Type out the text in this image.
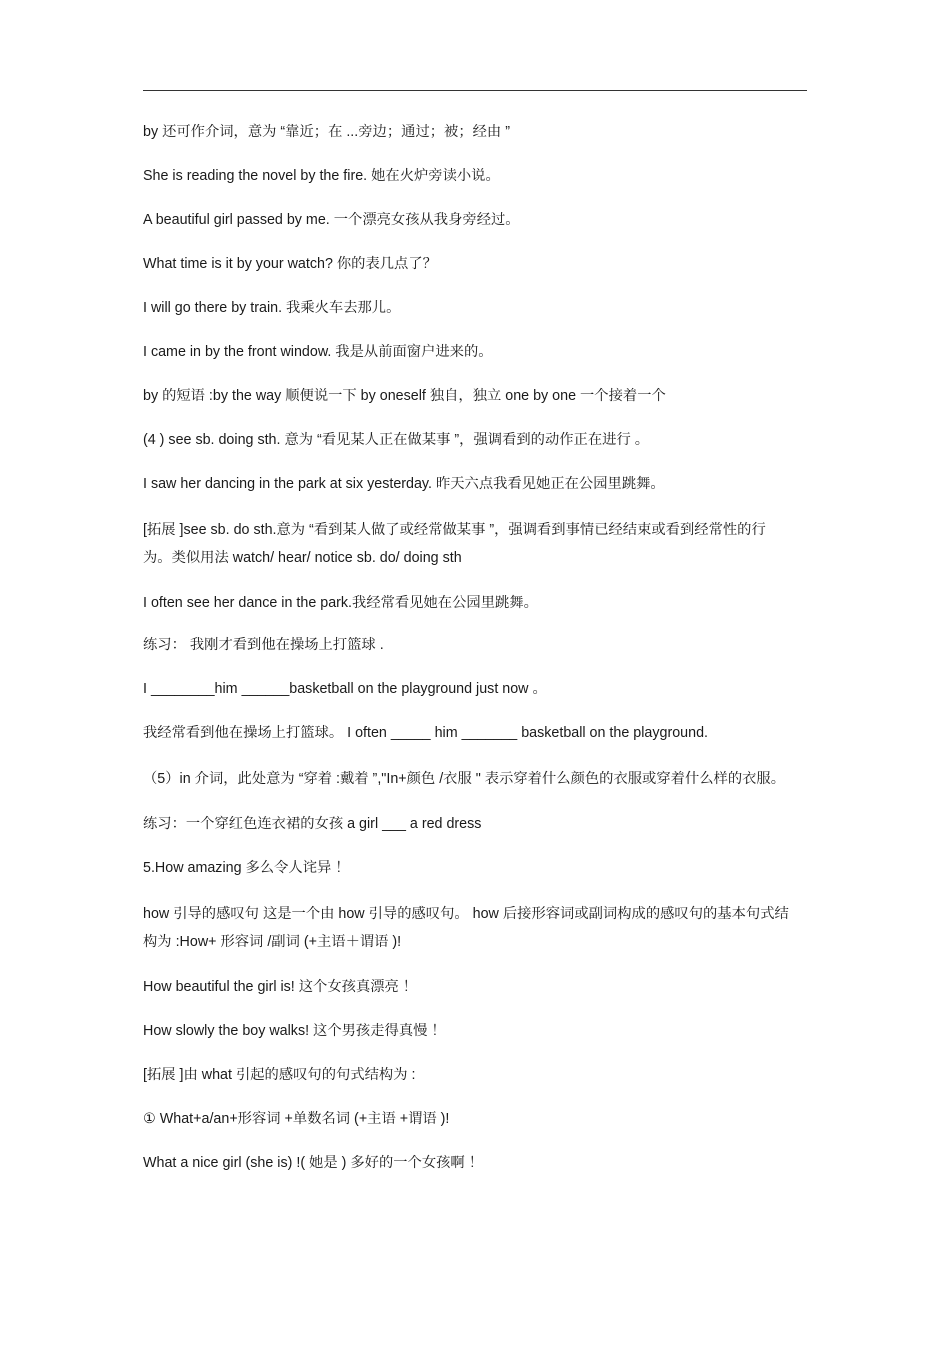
by 还可作介词，意为 “靠近；在 ...旁边；通过；被；经由 ”

She is reading the novel by the fire. 她在火炉旁读小说。

A beautiful girl passed by me. 一个漂亮女孩从我身旁经过。

What time is it by your watch? 你的表几点了？

I will go there by train. 我乘火车去那儿。

I came in by the front window. 我是从前面窗户进来的。

by 的短语 :by the way 顺便说一下 by oneself 独自，独立 one by one 一个接着一个

(4 ) see sb. doing sth. 意为 “看见某人正在做某事 ”，强调看到的动作正在进行 。

I saw her dancing in the park at six yesterday. 昨天六点我看见她正在公园里跳舞。

[拓展 ]see sb. do sth.意为 “看到某人做了或经常做某事 ”，强调看到事情已经结束或看到经常性的行为。类似用法 watch/ hear/ notice sb. do/ doing sth

I often see her dance in the park.我经常看见她在公园里跳舞。

练习： 我刚才看到他在操场上打篮球 .

I ________him ______basketball on the playground just now 。

我经常看到他在操场上打篮球。 I often _____ him _______ basketball on the playground.

（5）in 介词，此处意为 “穿着 :戴着 ”,"In+颜色 /衣服 " 表示穿着什么颜色的衣服或穿着什么样的衣服。

练习：一个穿红色连衣裙的女孩 a girl ___ a red dress

5.How amazing 多么令人诧异 ！

how 引导的感叹句 这是一个由 how 引导的感叹句。 how 后接形容词或副词构成的感叹句的基本句式结构为 :How+ 形容词 /副词 (+主语＋谓语 )!

How beautiful the girl is! 这个女孩真漂亮 ！

How slowly the boy walks! 这个男孩走得真慢 ！

[拓展 ]由 what 引起的感叹句的句式结构为 :

① What+a/an+形容词 +单数名词 (+主语 +谓语 )!

What a nice girl (she is) !( 她是 ) 多好的一个女孩啊 ！
